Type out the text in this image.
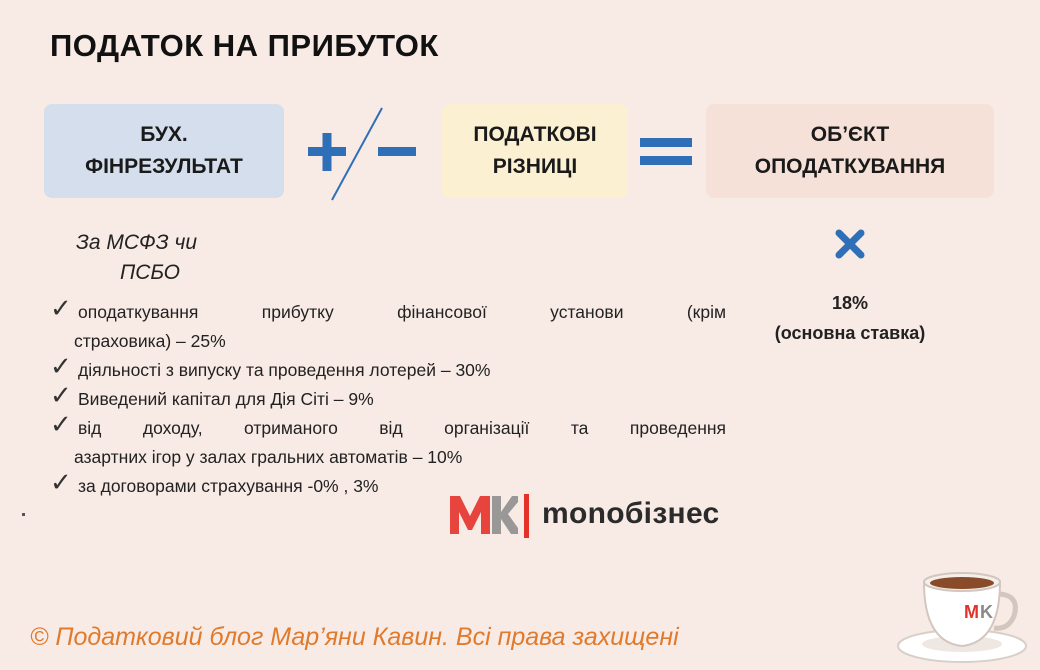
ПОДАТОК НА ПРИБУТОК
БУХ.
ФІНРЕЗУЛЬТАТ
ПОДАТКОВІ
РІЗНИЦІ
ОБ’ЄКТ
ОПОДАТКУВАННЯ
За МСФЗ чи
ПСБО
✓ оподаткування прибутку фінансової установи (крім
страховика) – 25%
✓ діяльності з випуску та проведення лотерей – 30%
✓ Виведений капітал для Дія Сіті – 9%
✓ від доходу, отриманого від організації та проведення
азартних ігор у залах гральних автоматів – 10%
✓ за договорами страхування -0% , 3%
18%
(основна ставка)
monoбізнес
© Податковий блог Мар’яни Кавин. Всі права захищені
M K
